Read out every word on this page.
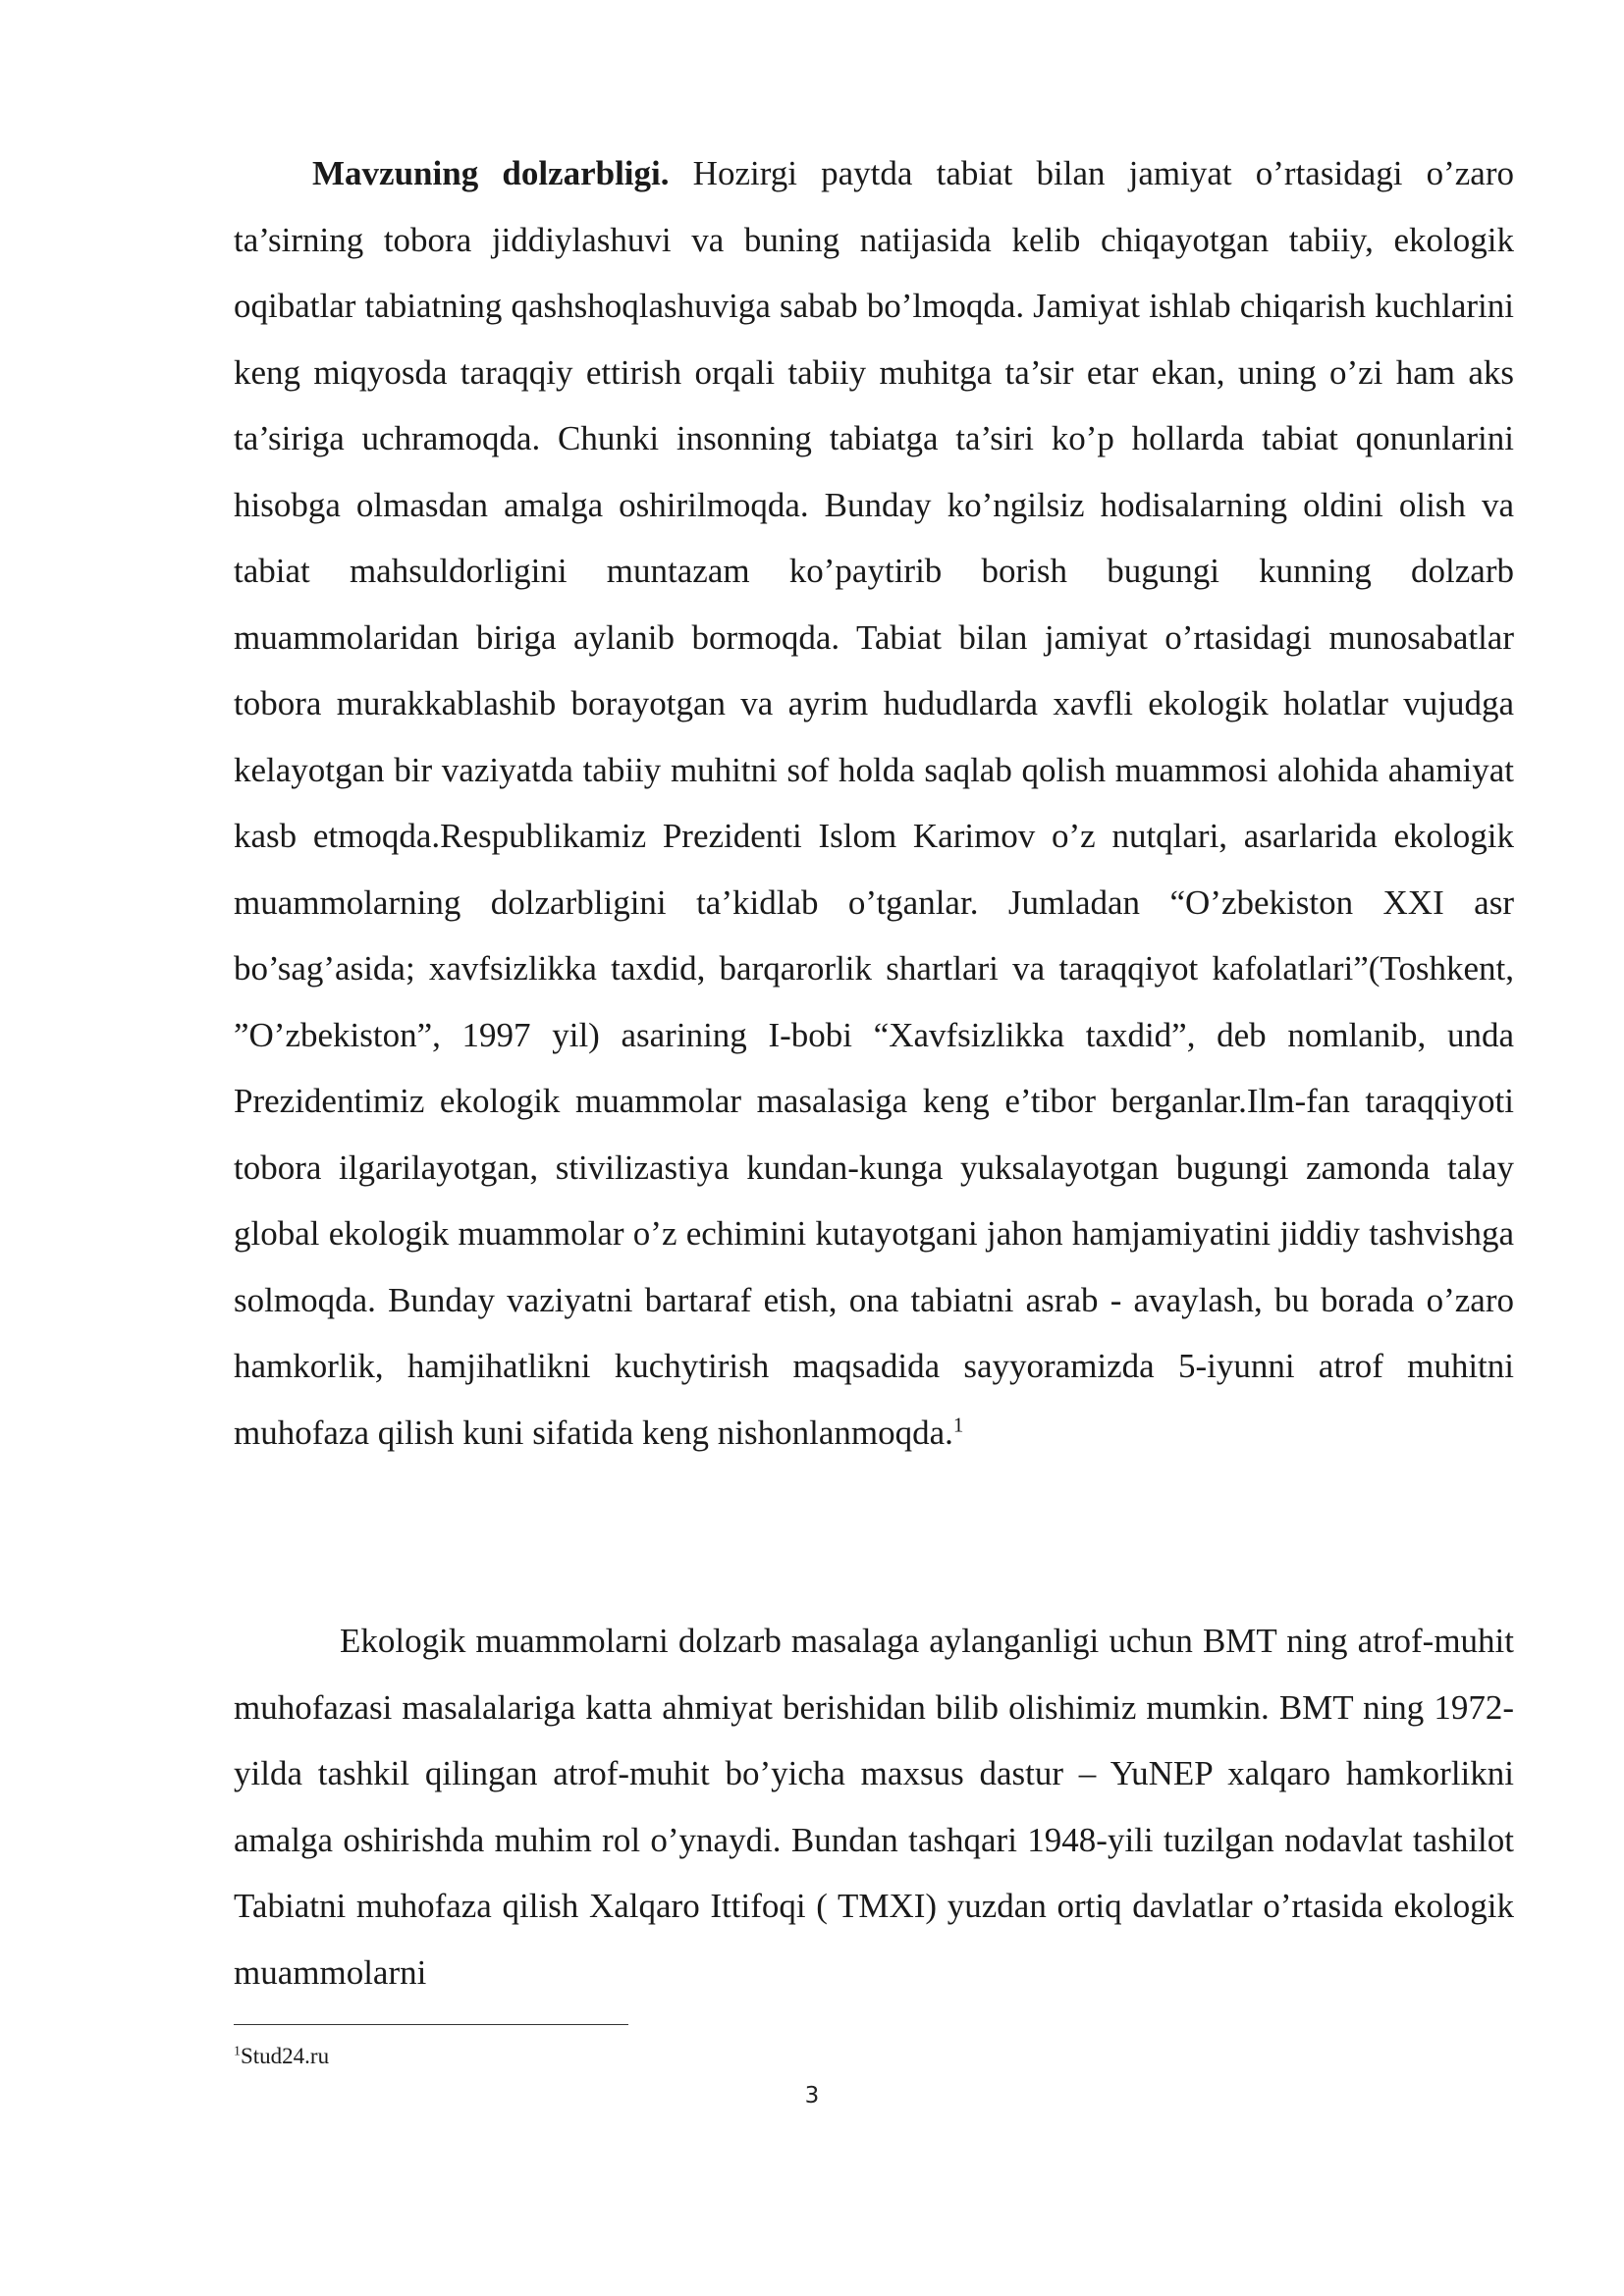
Mavzuning dolzarbligi. Hozirgi paytda tabiat bilan jamiyat o’rtasidagi o’zaro ta’sirning tobora jiddiylashuvi va buning natijasida kelib chiqayotgan tabiiy, ekologik oqibatlar tabiatning qashshoqlashuviga sabab bo’lmoqda. Jamiyat ishlab chiqarish kuchlarini keng miqyosda taraqqiy ettirish orqali tabiiy muhitga ta’sir etar ekan, uning o’zi ham aks ta’siriga uchramoqda. Chunki insonning tabiatga ta’siri ko’p hollarda tabiat qonunlarini hisobga olmasdan amalga oshirilmoqda. Bunday ko’ngilsiz hodisalarning oldini olish va tabiat mahsuldorligini muntazam ko’paytirib borish bugungi kunning dolzarb muammolaridan biriga aylanib bormoqda. Tabiat bilan jamiyat o’rtasidagi munosabatlar tobora murakkablashib borayotgan va ayrim hududlarda xavfli ekologik holatlar vujudga kelayotgan bir vaziyatda tabiiy muhitni sof holda saqlab qolish muammosi alohida ahamiyat kasb etmoqda.Respublikamiz Prezidenti Islom Karimov o’z nutqlari, asarlarida ekologik muammolarning dolzarbligini ta’kidlab o’tganlar. Jumladan “O’zbekiston XXI asr bo’sag’asida; xavfsizlikka taxdid, barqarorlik shartlari va taraqqiyot kafolatlari”(Toshkent, ”O’zbekiston”, 1997 yil) asarining I-bobi “Xavfsizlikka taxdid”, deb nomlanib, unda Prezidentimiz ekologik muammolar masalasiga keng e’tibor berganlar.Ilm-fan taraqqiyoti tobora ilgarilayotgan, stivilizastiya kundan-kunga yuksalayotgan bugungi zamonda talay global ekologik muammolar o’z echimini kutayotgani jahon hamjamiyatini jiddiy tashvishga solmoqda. Bunday vaziyatni bartaraf etish, ona tabiatni asrab - avaylash, bu borada o’zaro hamkorlik, hamjihatlikni kuchytirish maqsadida sayyoramizda 5-iyunni atrof muhitni muhofaza qilish kuni sifatida keng nishonlanmoqda.$^1$

Ekologik muammolarni dolzarb masalaga aylanganligi uchun BMT ning atrof-muhit muhofazasi masalalariga katta ahmiyat berishidan bilib olishimiz mumkin. BMT ning 1972-yilda tashkil qilingan atrof-muhit bo’yicha maxsus dastur – YuNEP xalqaro hamkorlikni amalga oshirishda muhim rol o’ynaydi. Bundan tashqari 1948-yili tuzilgan nodavlat tashilot Tabiatni muhofaza qilish Xalqaro Ittifoqi ( TMXI) yuzdan ortiq davlatlar o’rtasida ekologik muammolarni

$^1$Stud24.ru
3
